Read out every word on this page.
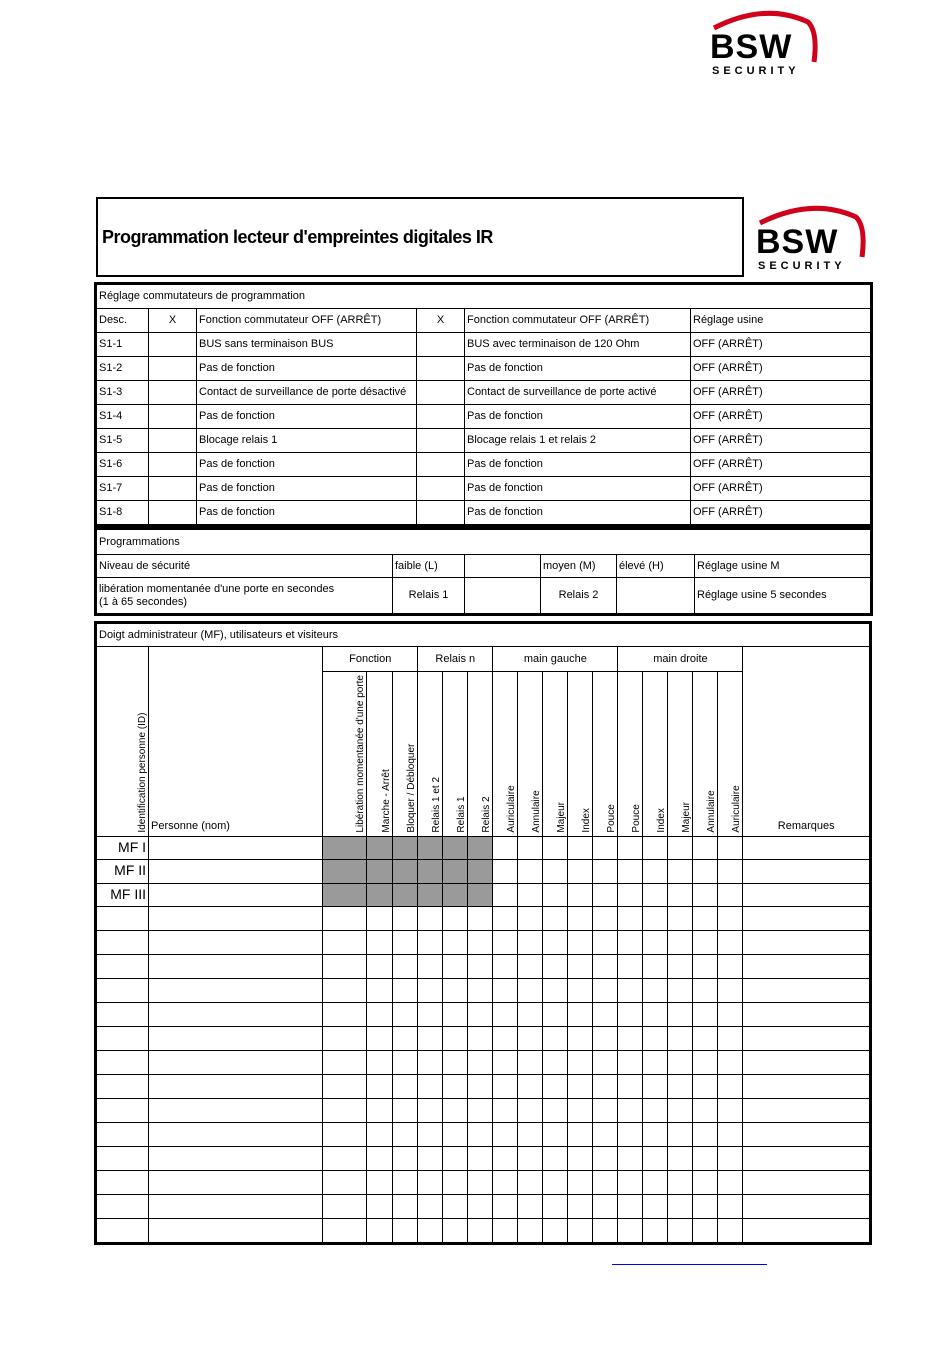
BSW
SECURITY
Programmation lecteur d'empreintes digitales IR	BSW
SECURITY
Réglage commutateurs de programmation					
Desc.	X	Fonction commutateur OFF (ARRÊT)	X	Fonction commutateur OFF (ARRÊT)	Réglage usine
S1-1		BUS sans terminaison BUS		BUS avec terminaison de 120 Ohm	OFF (ARRÊT)
S1-2		Pas de fonction		Pas de fonction	OFF (ARRÊT)
S1-3		Contact de surveillance de porte désactivé		Contact de surveillance de porte activé	OFF (ARRÊT)
S1-4		Pas de fonction		Pas de fonction	OFF (ARRÊT)
S1-5		Blocage relais 1		Blocage relais 1 et relais 2	OFF (ARRÊT)
S1-6		Pas de fonction		Pas de fonction	OFF (ARRÊT)
S1-7		Pas de fonction		Pas de fonction	OFF (ARRÊT)
S1-8		Pas de fonction		Pas de fonction	OFF (ARRÊT)
Programmations					
Niveau de sécurité	faible (L)		moyen (M)	élevé (H)	Réglage usine M

libération momentanée d'une porte en secondes
(1 à 65 secondes)	Relais 1		Relais 2		Réglage usine 5 secondes
Doigt administrateur (MF), utilisateurs et visiteurs																		
Identification personne (ID)	Personne (nom)	Fonction			Relais n			main gauche					main droite					Remarques
		Libération momentanée d'une porte	Marche - Arrêt	Bloquer / Débloquer	Relais 1 et 2	Relais 1	Relais 2	Auriculaire	Annulaire	Majeur	Index	Pouce	Pouce	Index	Majeur	Annulaire	Auriculaire	
MF I																		
MF II																		
MF III																		
